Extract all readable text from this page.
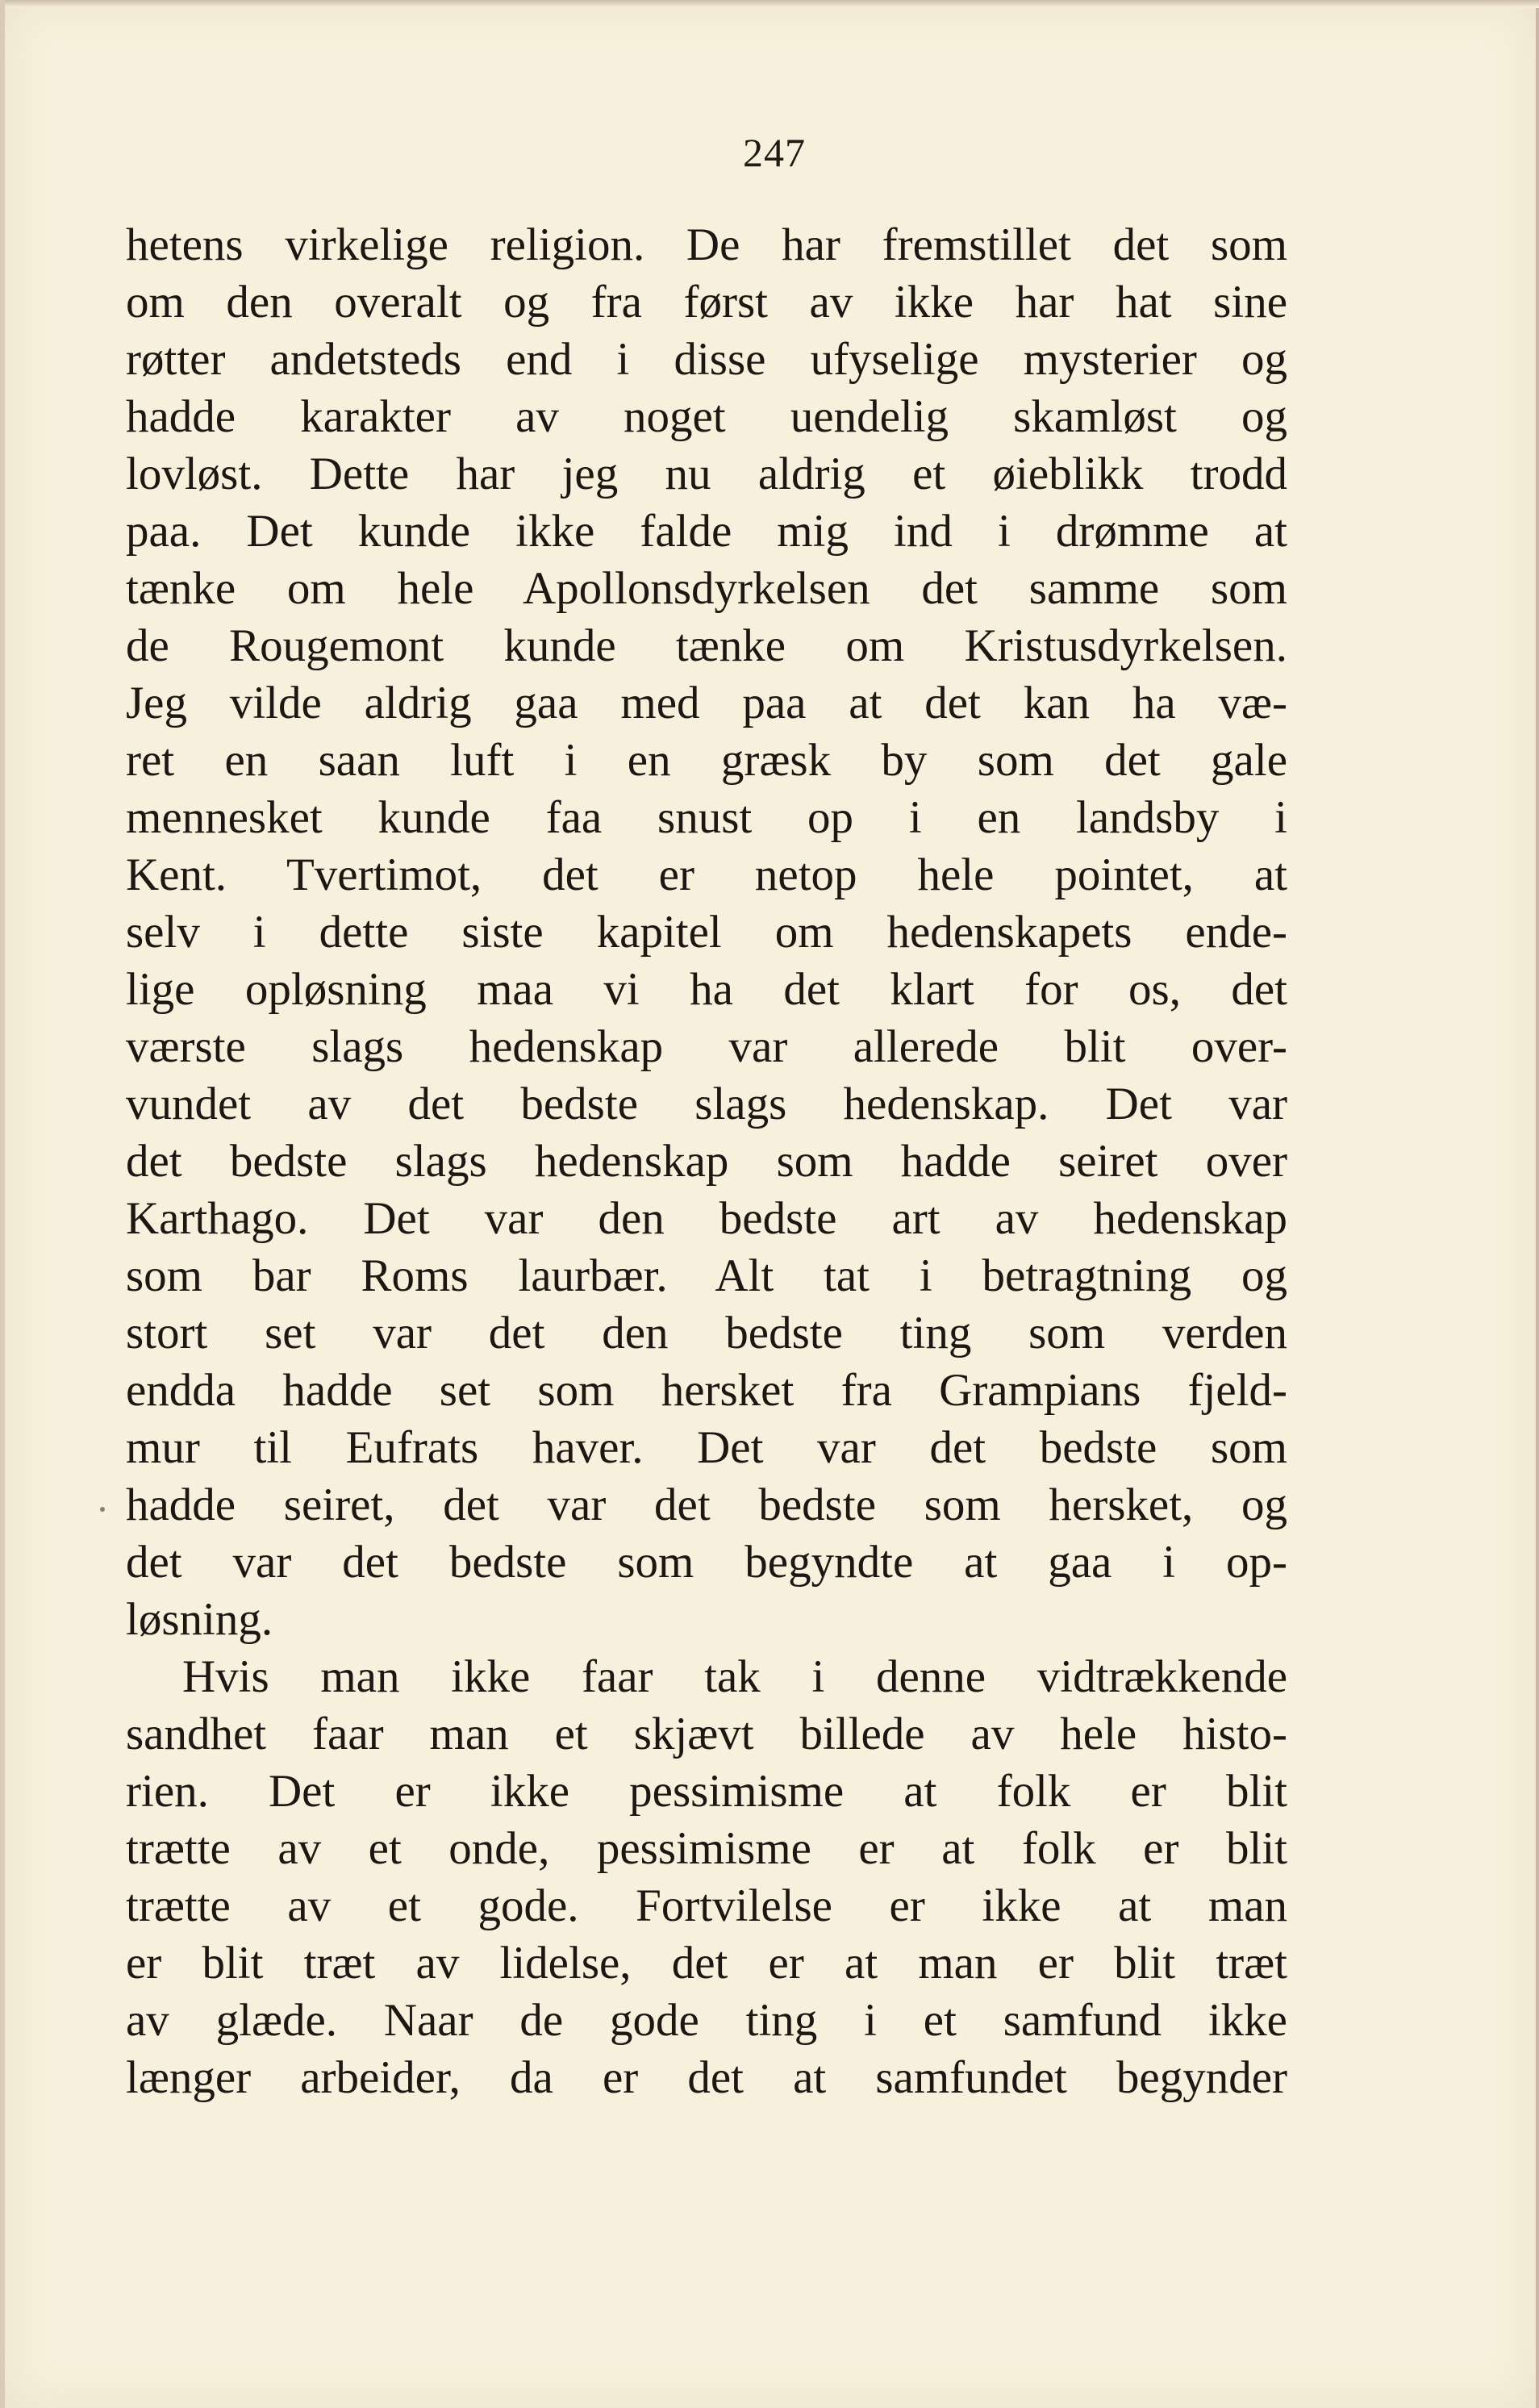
247
hetens virkelige religion. De har fremstillet det som
om den overalt og fra først av ikke har hat sine
røtter andetsteds end i disse ufyselige mysterier og
hadde karakter av noget uendelig skamløst og
lovløst. Dette har jeg nu aldrig et øieblikk trodd
paa. Det kunde ikke falde mig ind i drømme at
tænke om hele Apollonsdyrkelsen det samme som
de Rougemont kunde tænke om Kristusdyrkelsen.
Jeg vilde aldrig gaa med paa at det kan ha væ-
ret en saan luft i en græsk by som det gale
mennesket kunde faa snust op i en landsby i
Kent. Tvertimot, det er netop hele pointet, at
selv i dette siste kapitel om hedenskapets ende-
lige opløsning maa vi ha det klart for os, det
værste slags hedenskap var allerede blit over-
vundet av det bedste slags hedenskap. Det var
det bedste slags hedenskap som hadde seiret over
Karthago. Det var den bedste art av hedenskap
som bar Roms laurbær. Alt tat i betragtning og
stort set var det den bedste ting som verden
endda hadde set som hersket fra Grampians fjeld-
mur til Eufrats haver. Det var det bedste som
hadde seiret, det var det bedste som hersket, og
det var det bedste som begyndte at gaa i op-
løsning.
Hvis man ikke faar tak i denne vidtrækkende
sandhet faar man et skjævt billede av hele histo-
rien. Det er ikke pessimisme at folk er blit
trætte av et onde, pessimisme er at folk er blit
trætte av et gode. Fortvilelse er ikke at man
er blit træt av lidelse, det er at man er blit træt
av glæde. Naar de gode ting i et samfund ikke
længer arbeider, da er det at samfundet begynder
